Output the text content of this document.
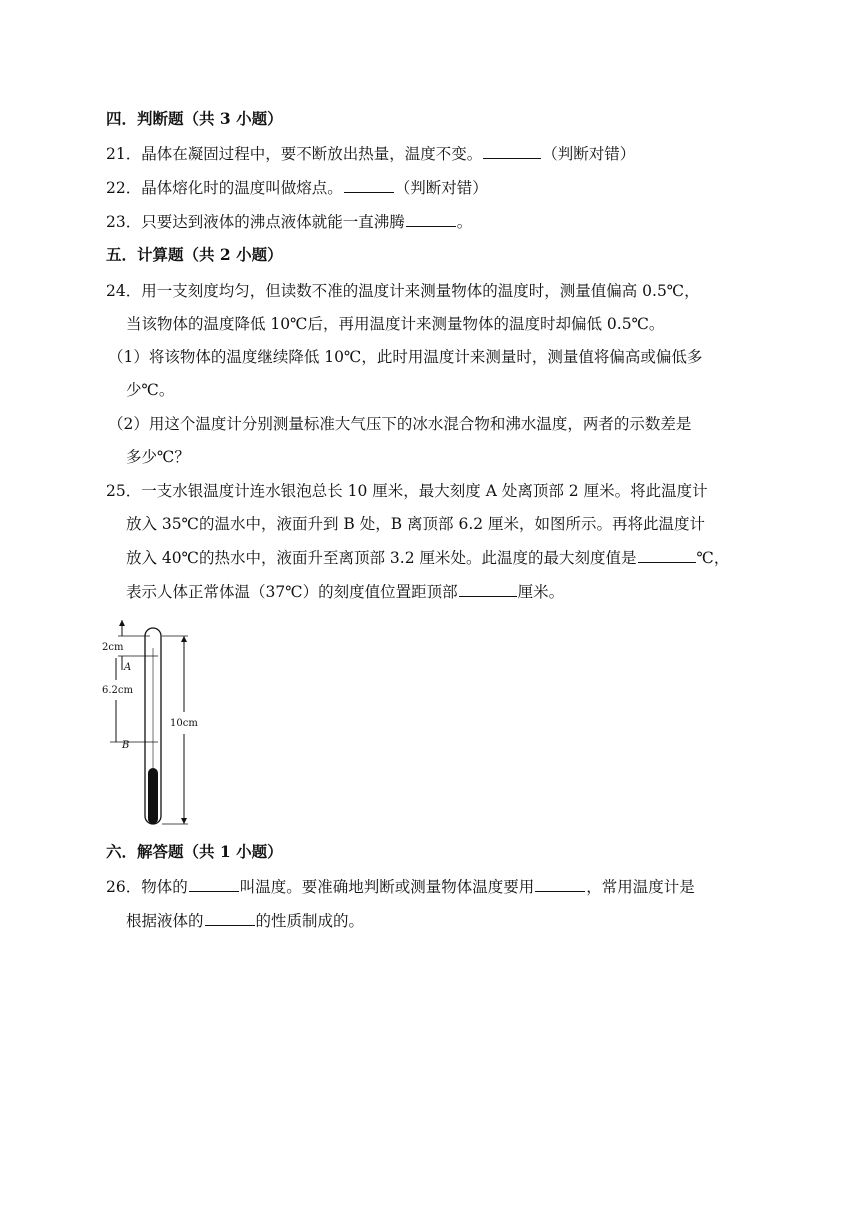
四．判断题（共 3 小题）
21．晶体在凝固过程中，要不断放出热量，温度不变。	（判断对错）
22．晶体熔化时的温度叫做熔点。	（判断对错）
23．只要达到液体的沸点液体就能一直沸腾	。
五．计算题（共 2 小题）
24．用一支刻度均匀，但读数不准的温度计来测量物体的温度时，测量值偏高 0.5℃，
当该物体的温度降低 10℃后，再用温度计来测量物体的温度时却偏低 0.5℃。
（1）将该物体的温度继续降低 10℃，此时用温度计来测量时，测量值将偏高或偏低多
少℃。
（2）用这个温度计分别测量标准大气压下的冰水混合物和沸水温度，两者的示数差是
多少℃？
25．一支水银温度计连水银泡总长 10 厘米，最大刻度 A 处离顶部 2 厘米。将此温度计
放入 35℃的温水中，液面升到 B 处，B 离顶部 6.2 厘米，如图所示。再将此温度计
放入 40℃的热水中，液面升至离顶部 3.2 厘米处。此温度的最大刻度值是	℃，
表示人体正常体温（37℃）的刻度值位置距顶部	厘米。
2cm
A
6.2cm
B
10cm
六．解答题（共 1 小题）
26．物体的	叫温度。要准确地判断或测量物体温度要用	，常用温度计是
根据液体的	的性质制成的。
